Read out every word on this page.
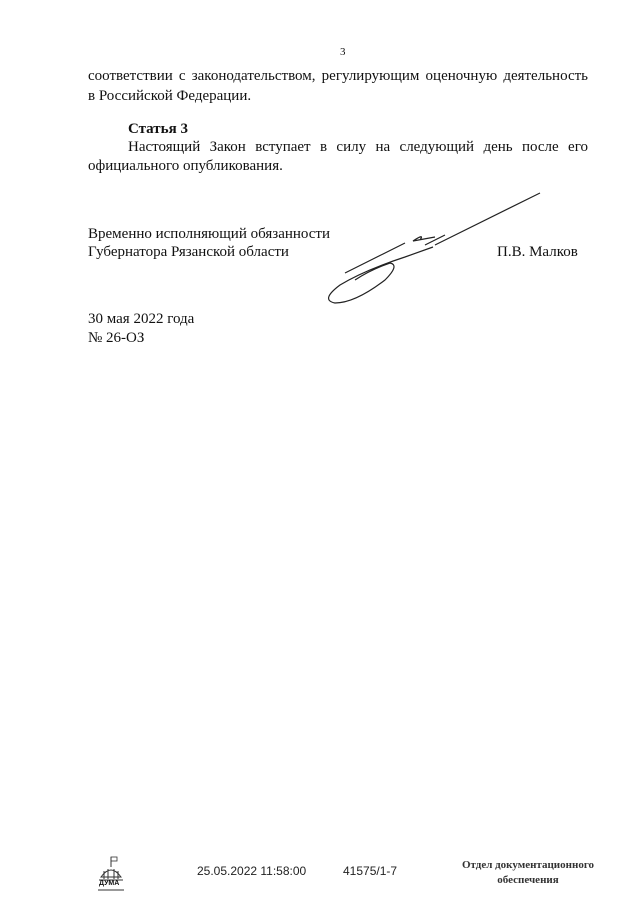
3
соответствии с законодательством, регулирующим оценочную деятельность
в Российской Федерации.
Статья 3
Настоящий Закон вступает в силу на следующий день после его
официального опубликования.
Временно исполняющий обязанности
Губернатора Рязанской области	П.В. Малков
30 мая 2022 года
№ 26-ОЗ
ДУМА
25.05.2022 11:58:00	41575/1-7	Отдел документационного
обеспечения
